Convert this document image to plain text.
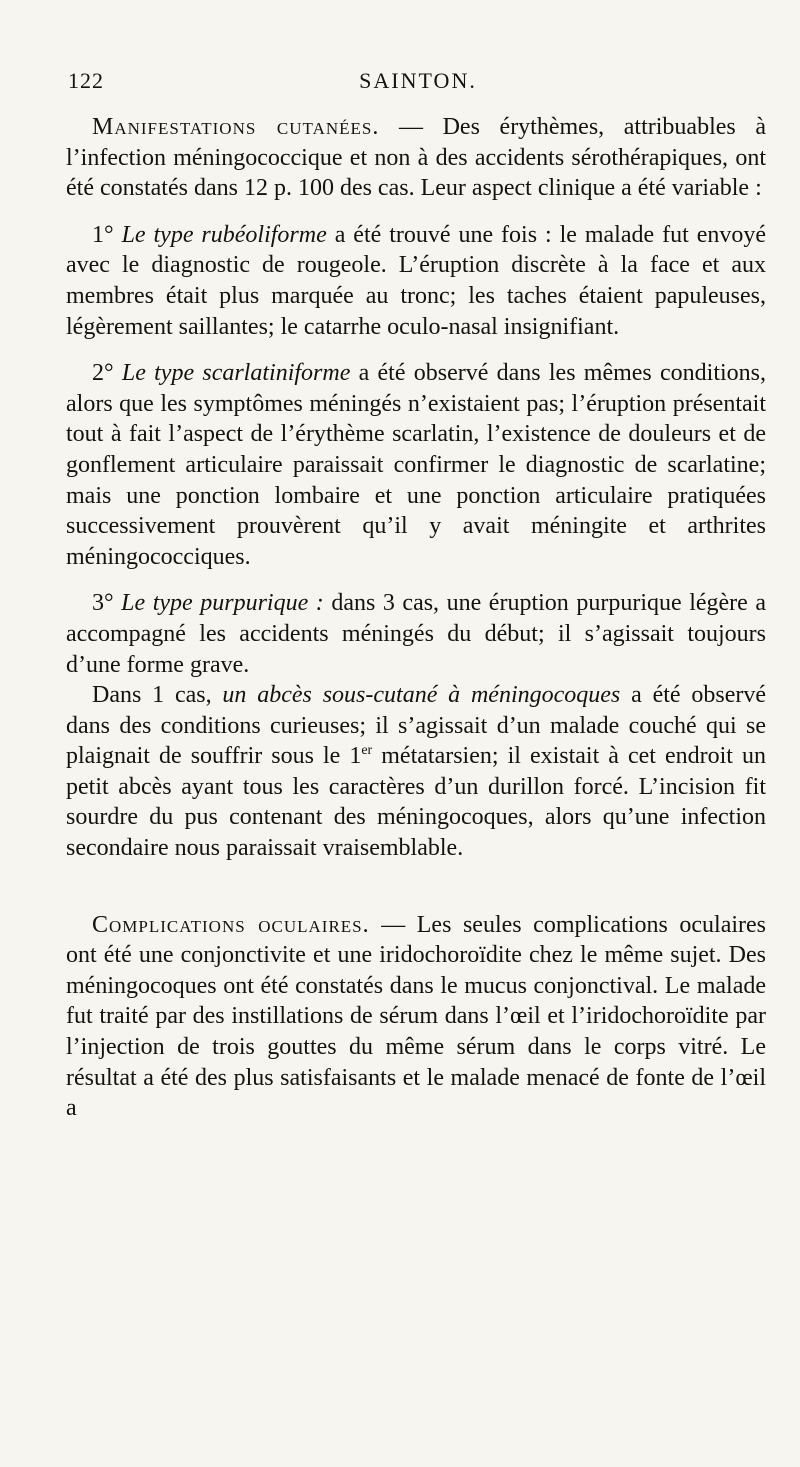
122	SAINTON.

Manifestations cutanées. — Des érythèmes, attribuables à l’infection méningococcique et non à des accidents sérothérapiques, ont été constatés dans 12 p. 100 des cas. Leur aspect clinique a été variable :

1° Le type rubéoliforme a été trouvé une fois : le malade fut envoyé avec le diagnostic de rougeole. L’éruption discrète à la face et aux membres était plus marquée au tronc; les taches étaient papuleuses, légèrement saillantes; le catarrhe oculo-nasal insignifiant.

2° Le type scarlatiniforme a été observé dans les mêmes conditions, alors que les symptômes méningés n’existaient pas; l’éruption présentait tout à fait l’aspect de l’érythème scarlatin, l’existence de douleurs et de gonflement articulaire paraissait confirmer le diagnostic de scarlatine; mais une ponction lombaire et une ponction articulaire pratiquées successivement prouvèrent qu’il y avait méningite et arthrites méningococciques.

3° Le type purpurique : dans 3 cas, une éruption purpurique légère a accompagné les accidents méningés du début; il s’agissait toujours d’une forme grave.

Dans 1 cas, un abcès sous-cutané à méningocoques a été observé dans des conditions curieuses; il s’agissait d’un malade couché qui se plaignait de souffrir sous le 1er métatarsien; il existait à cet endroit un petit abcès ayant tous les caractères d’un durillon forcé. L’incision fit sourdre du pus contenant des méningocoques, alors qu’une infection secondaire nous paraissait vraisemblable.

Complications oculaires. — Les seules complications oculaires ont été une conjonctivite et une iridochoroïdite chez le même sujet. Des méningocoques ont été constatés dans le mucus conjonctival. Le malade fut traité par des instillations de sérum dans l’œil et l’iridochoroïdite par l’injection de trois gouttes du même sérum dans le corps vitré. Le résultat a été des plus satisfaisants et le malade menacé de fonte de l’œil a
